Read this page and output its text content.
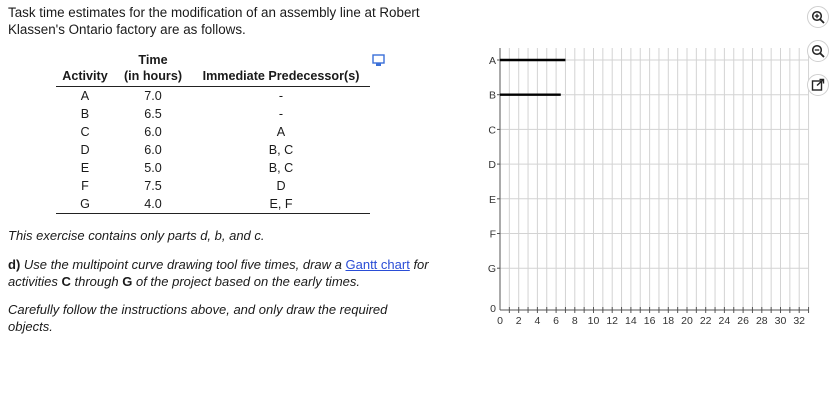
Task time estimates for the modification of an assembly line at Robert Klassen's Ontario factory are as follows.
	Time	
Activity	(in hours)	Immediate Predecessor(s)
A	7.0	-
B	6.5	-
C	6.0	A
D	6.0	B, C
E	5.0	B, C
F	7.5	D
G	4.0	E, F
This exercise contains only parts d, b, and c.
d) Use the multipoint curve drawing tool five times, draw a Gantt chart for activities C through G of the project based on the early times.
Carefully follow the instructions above, and only draw the required objects.
A
B
C
D
E
F
G
0
0 2 4 6 8 10 12 14 16 18 20 22 24 26 28 30 32
